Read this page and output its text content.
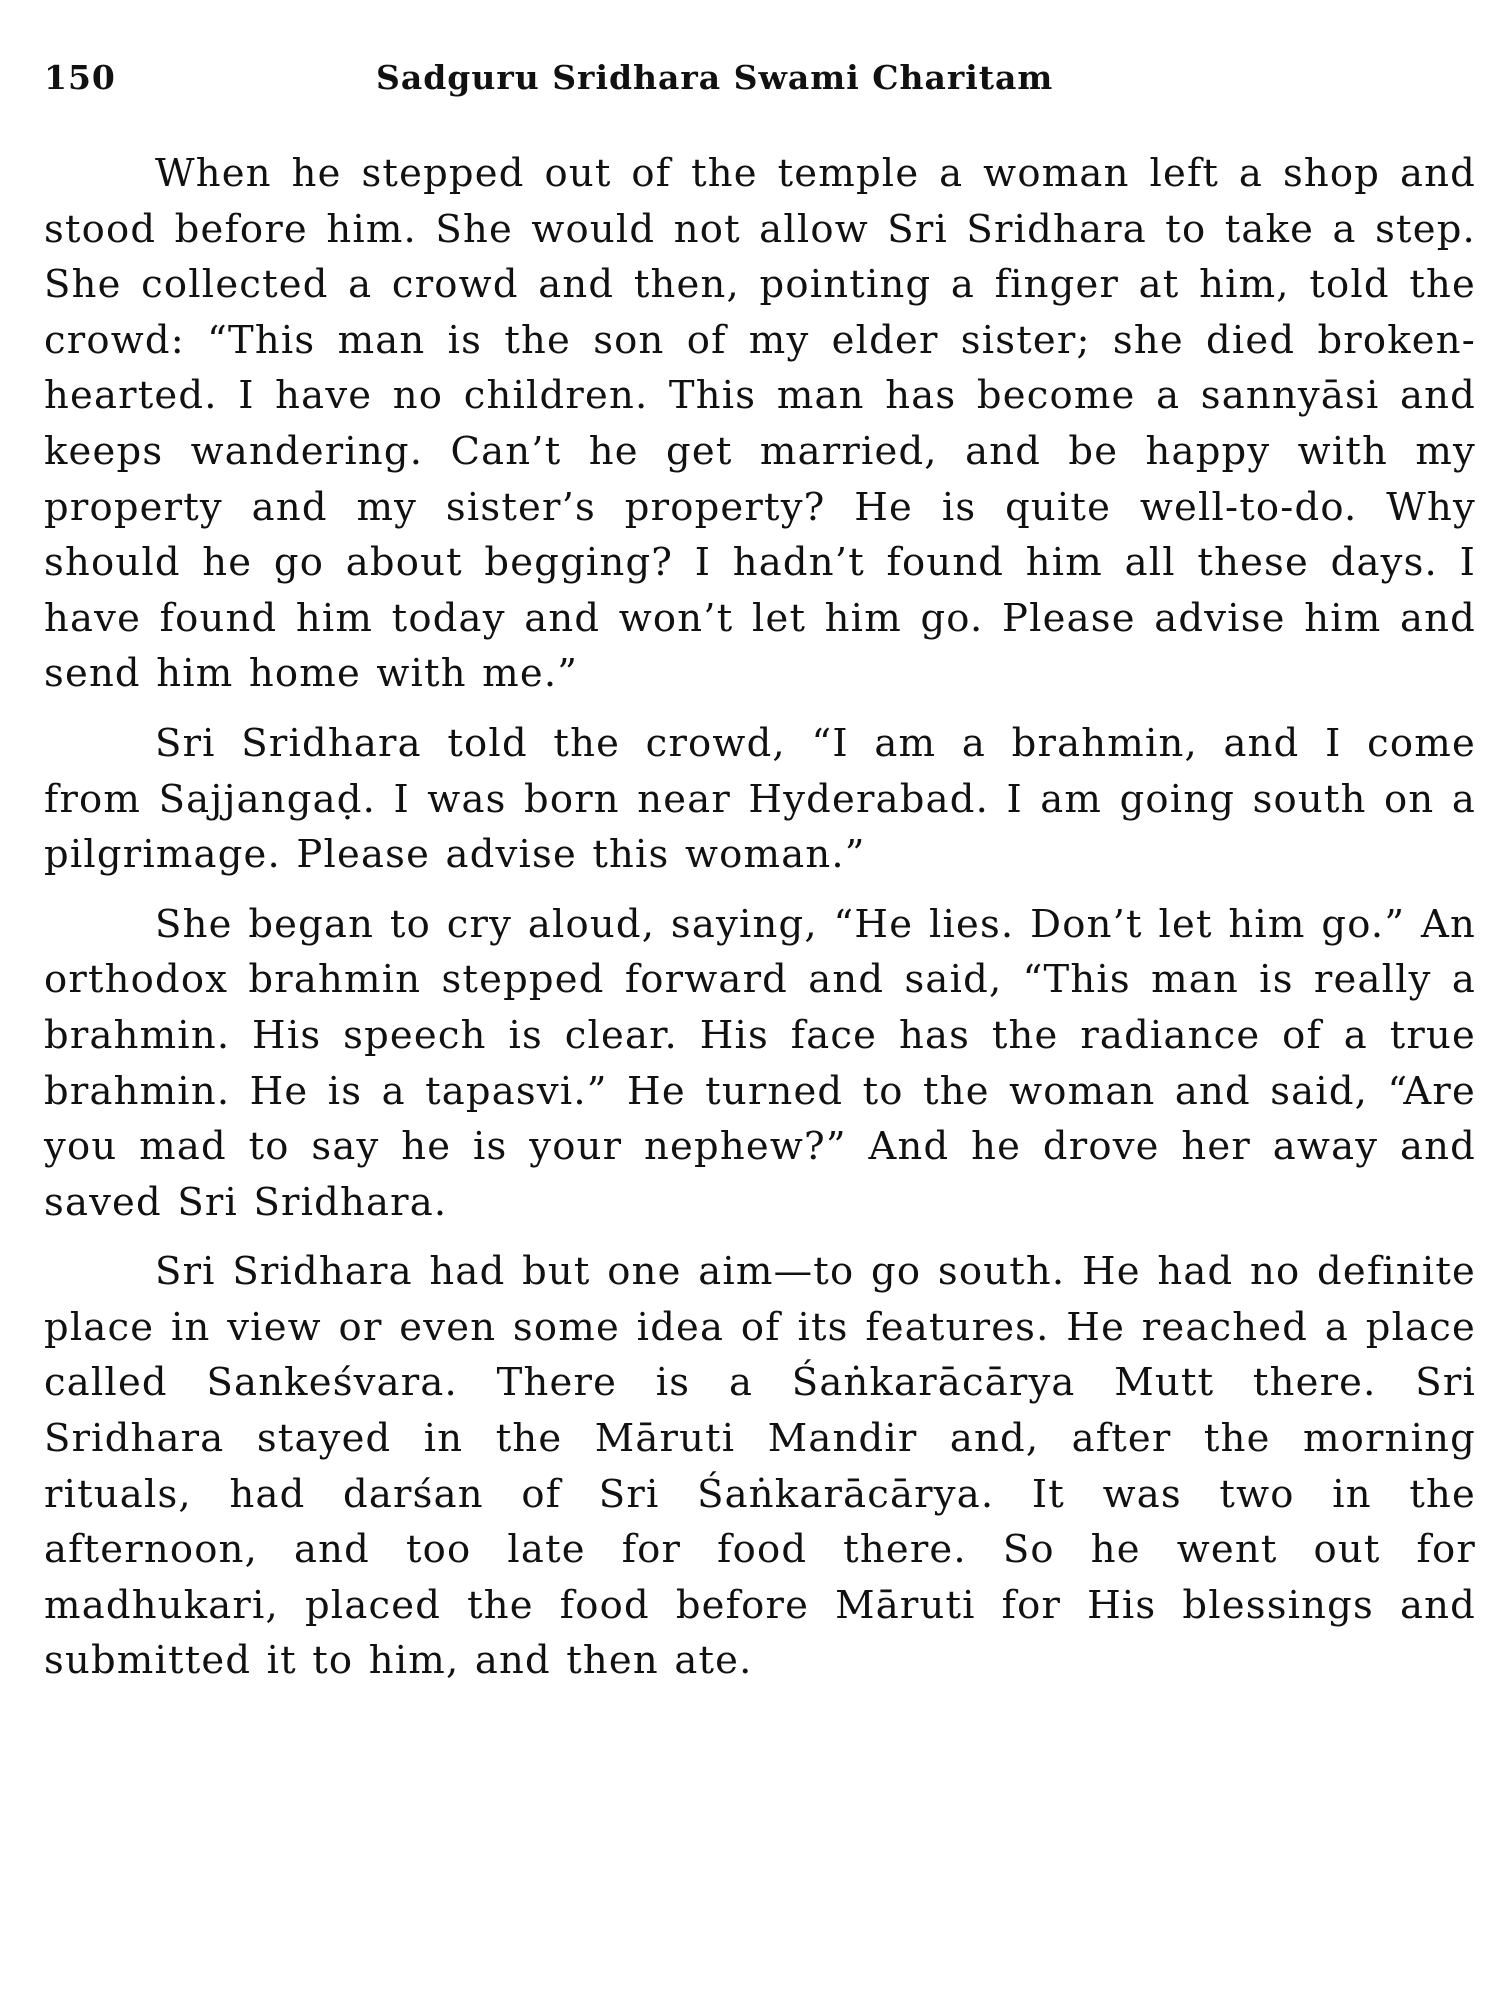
150	Sadguru Sridhara Swami Charitam

When he stepped out of the temple a woman left a shop and stood before him. She would not allow Sri Sridhara to take a step. She collected a crowd and then, pointing a finger at him, told the crowd: “This man is the son of my elder sister; she died broken-hearted. I have no children. This man has become a sannyāsi and keeps wandering. Can’t he get married, and be happy with my property and my sister’s property? He is quite well-to-do. Why should he go about begging? I hadn’t found him all these days. I have found him today and won’t let him go. Please advise him and send him home with me.”

Sri Sridhara told the crowd, “I am a brahmin, and I come from Sajjangaḍ. I was born near Hyderabad. I am going south on a pilgrimage. Please advise this woman.”

She began to cry aloud, saying, “He lies. Don’t let him go.” An orthodox brahmin stepped forward and said, “This man is really a brahmin. His speech is clear. His face has the radiance of a true brahmin. He is a tapasvi.” He turned to the woman and said, “Are you mad to say he is your nephew?” And he drove her away and saved Sri Sridhara.

Sri Sridhara had but one aim—to go south. He had no definite place in view or even some idea of its features. He reached a place called Sankeśvara. There is a Śaṅkarācārya Mutt there. Sri Sridhara stayed in the Māruti Mandir and, after the morning rituals, had darśan of Sri Śaṅkarācārya. It was two in the afternoon, and too late for food there. So he went out for madhukari, placed the food before Māruti for His blessings and submitted it to him, and then ate.
